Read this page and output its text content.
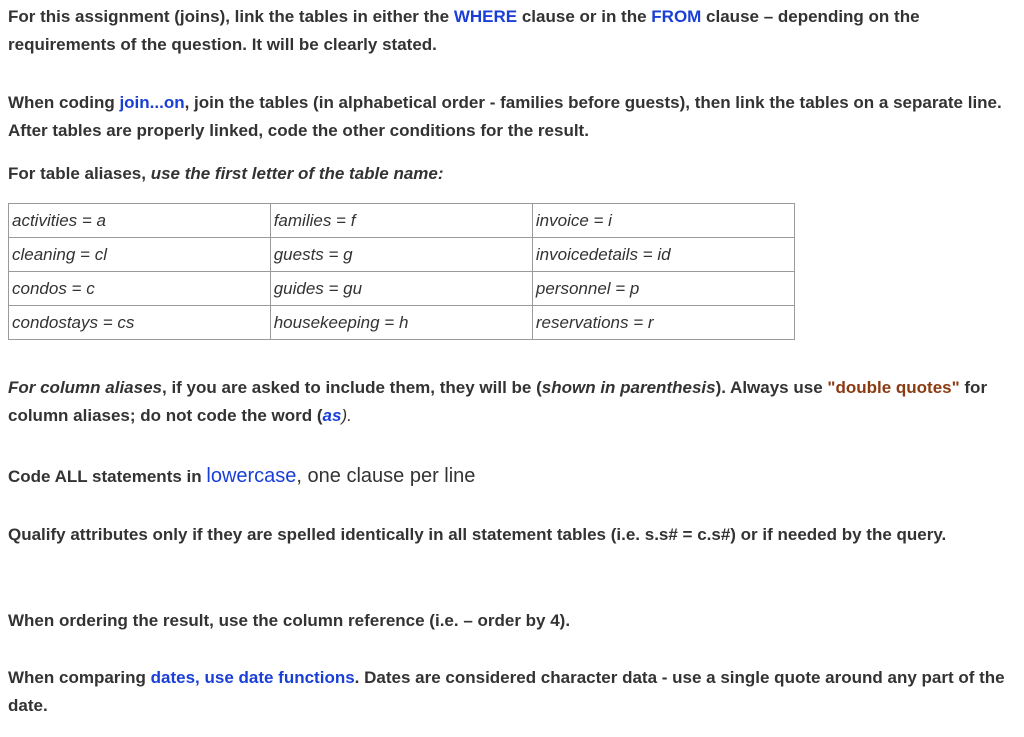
For this assignment (joins), link the tables in either the WHERE clause or in the FROM clause – depending on the requirements of the question. It will be clearly stated.

When coding join...on, join the tables (in alphabetical order - families before guests), then link the tables on a separate line. After tables are properly linked, code the other conditions for the result.

For table aliases, use the first letter of the table name:

activities = a	families = f	invoice = i
cleaning = cl	guests = g	invoicedetails = id
condos = c	guides = gu	personnel = p
condostays = cs	housekeeping = h	reservations = r

For column aliases, if you are asked to include them, they will be (shown in parenthesis). Always use "double quotes" for column aliases; do not code the word (as).

Code ALL statements in lowercase, one clause per line

Qualify attributes only if they are spelled identically in all statement tables (i.e. s.s# = c.s#) or if needed by the query.

When ordering the result, use the column reference (i.e. – order by 4).

When comparing dates, use date functions. Dates are considered character data - use a single quote around any part of the date.
